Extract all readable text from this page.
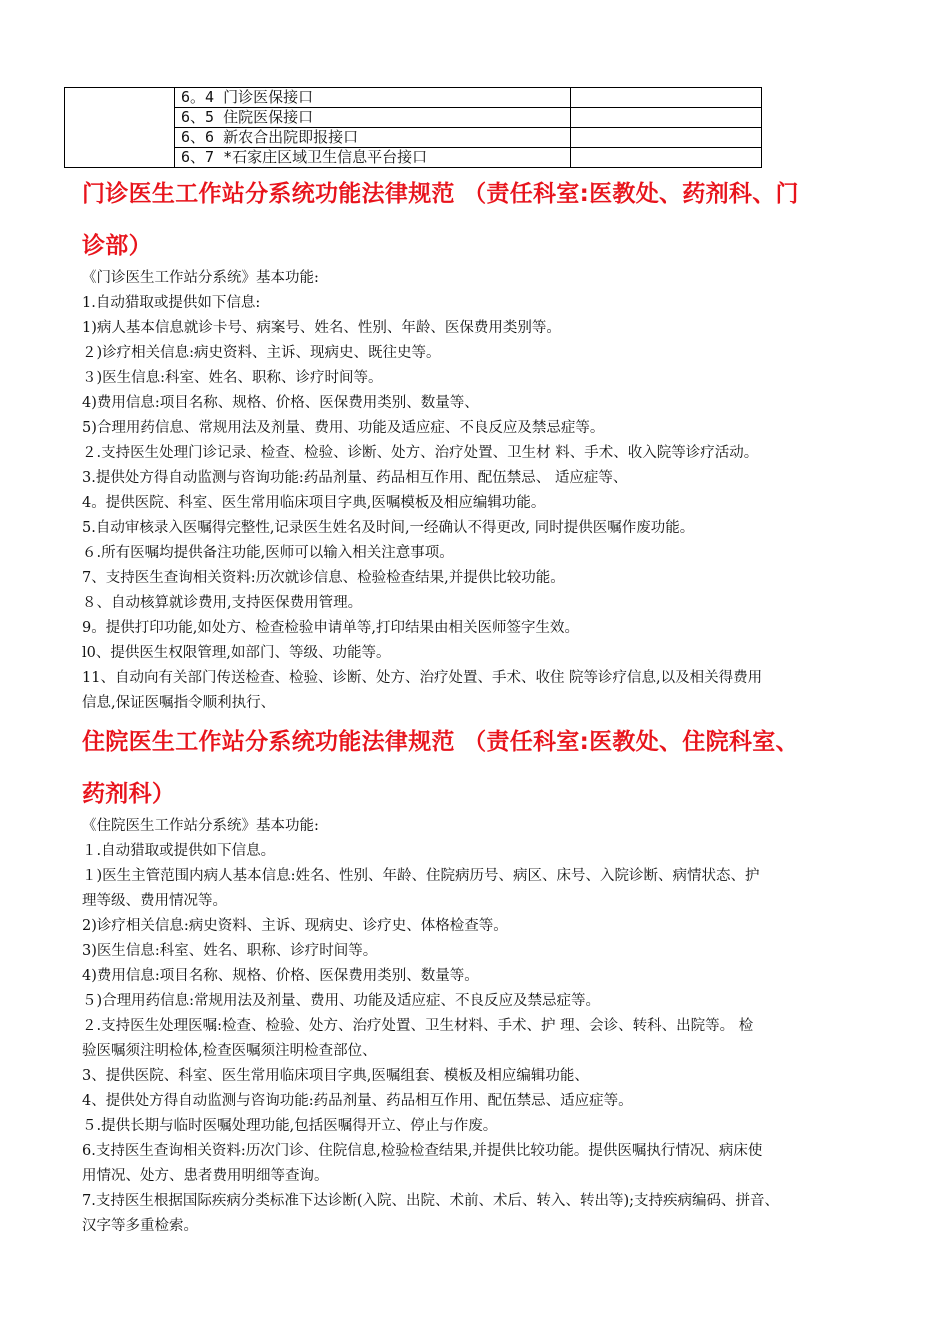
	6。4 门诊医保接口	
	6、5 住院医保接口	
	6、6 新农合出院即报接口	
	6、7 *石家庄区域卫生信息平台接口	
门诊医生工作站分系统功能法律规范 （责任科室:医教处、药剂科、门
诊部）

《门诊医生工作站分系统》基本功能:

1.自动猎取或提供如下信息:

1)病人基本信息就诊卡号、病案号、姓名、性别、年龄、医保费用类别等。

２)诊疗相关信息:病史资料、主诉、现病史、既往史等。

３)医生信息:科室、姓名、职称、诊疗时间等。

4)费用信息:项目名称、规格、价格、医保费用类别、数量等、

5)合理用药信息、常规用法及剂量、费用、功能及适应症、不良反应及禁忌症等。

２.支持医生处理门诊记录、检查、检验、诊断、处方、治疗处置、卫生材 料、手术、收入院等诊疗活动。

3.提供处方得自动监测与咨询功能:药品剂量、药品相互作用、配伍禁忌、 适应症等、

4。提供医院、科室、医生常用临床项目字典,医嘱模板及相应编辑功能。

5.自动审核录入医嘱得完整性,记录医生姓名及时间,一经确认不得更改, 同时提供医嘱作废功能。

６.所有医嘱均提供备注功能,医师可以输入相关注意事项。

7、支持医生查询相关资料:历次就诊信息、检验检查结果,并提供比较功能。

８、自动核算就诊费用,支持医保费用管理。

9。提供打印功能,如处方、检查检验申请单等,打印结果由相关医师签字生效。

l0、提供医生权限管理,如部门、等级、功能等。

11、自动向有关部门传送检查、检验、诊断、处方、治疗处置、手术、收住 院等诊疗信息,以及相关得费用

信息,保证医嘱指令顺利执行、

住院医生工作站分系统功能法律规范 （责任科室:医教处、住院科室、
药剂科）

《住院医生工作站分系统》基本功能:

１.自动猎取或提供如下信息。

１)医生主管范围内病人基本信息:姓名、性别、年龄、住院病历号、病区、床号、入院诊断、病情状态、护

理等级、费用情况等。

2)诊疗相关信息:病史资料、主诉、现病史、诊疗史、体格检查等。

3)医生信息:科室、姓名、职称、诊疗时间等。

4)费用信息:项目名称、规格、价格、医保费用类别、数量等。

５)合理用药信息:常规用法及剂量、费用、功能及适应症、不良反应及禁忌症等。

２.支持医生处理医嘱:检查、检验、处方、治疗处置、卫生材料、手术、护 理、会诊、转科、出院等。 检

验医嘱须注明检体,检查医嘱须注明检查部位、

3、提供医院、科室、医生常用临床项目字典,医嘱组套、模板及相应编辑功能、

4、提供处方得自动监测与咨询功能:药品剂量、药品相互作用、配伍禁忌、适应症等。

５.提供长期与临时医嘱处理功能,包括医嘱得开立、停止与作废。

6.支持医生查询相关资料:历次门诊、住院信息,检验检查结果,并提供比较功能。提供医嘱执行情况、病床使

用情况、处方、患者费用明细等查询。

7.支持医生根据国际疾病分类标准下达诊断(入院、出院、术前、术后、转入、转出等);支持疾病编码、拼音、

汉字等多重检索。
